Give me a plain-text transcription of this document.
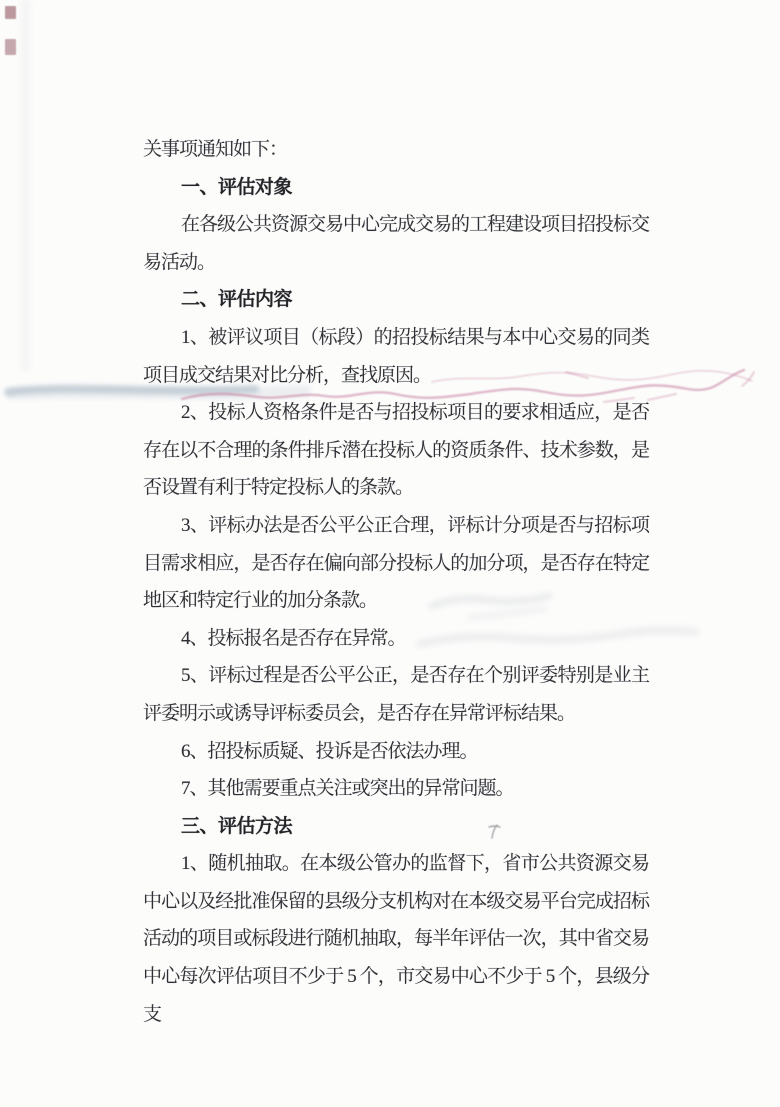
关事项通知如下：

一、评估对象

在各级公共资源交易中心完成交易的工程建设项目招投标交易活动。

二、评估内容

1、被评议项目（标段）的招投标结果与本中心交易的同类项目成交结果对比分析，查找原因。

2、投标人资格条件是否与招投标项目的要求相适应，是否存在以不合理的条件排斥潜在投标人的资质条件、技术参数，是否设置有利于特定投标人的条款。

3、评标办法是否公平公正合理，评标计分项是否与招标项目需求相应，是否存在偏向部分投标人的加分项，是否存在特定地区和特定行业的加分条款。

4、投标报名是否存在异常。

5、评标过程是否公平公正，是否存在个别评委特别是业主评委明示或诱导评标委员会，是否存在异常评标结果。

6、招投标质疑、投诉是否依法办理。

7、其他需要重点关注或突出的异常问题。

三、评估方法

1、随机抽取。在本级公管办的监督下，省市公共资源交易中心以及经批准保留的县级分支机构对在本级交易平台完成招标活动的项目或标段进行随机抽取，每半年评估一次，其中省交易中心每次评估项目不少于 5 个，市交易中心不少于 5 个，县级分支
